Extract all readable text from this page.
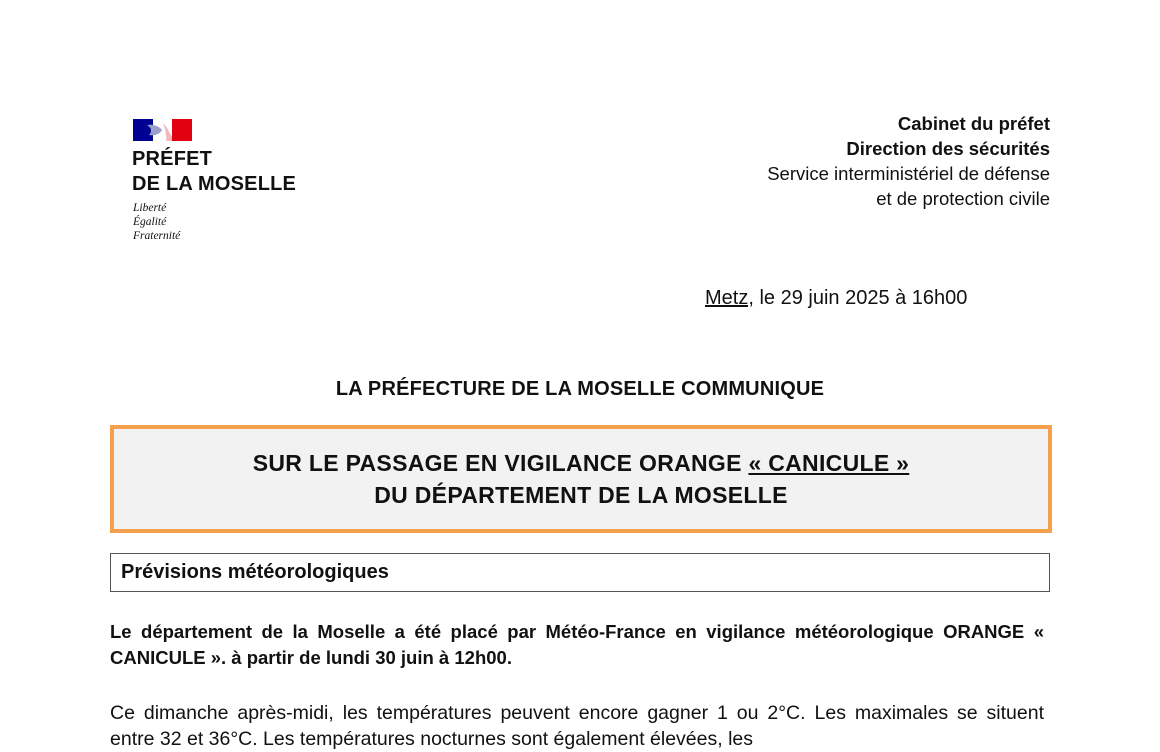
PRÉFET
DE LA MOSELLE
Liberté
Égalité
Fraternité
Cabinet du préfet
Direction des sécurités
Service interministériel de défense
et de protection civile
Metz, le 29 juin 2025 à 16h00
LA PRÉFECTURE DE LA MOSELLE COMMUNIQUE
SUR LE PASSAGE EN VIGILANCE ORANGE « CANICULE »
DU DÉPARTEMENT DE LA MOSELLE
Prévisions météorologiques
Le département de la Moselle a été placé par Météo-France en vigilance météorologique ORANGE « CANICULE ». à partir de lundi 30 juin à 12h00.
Ce dimanche après-midi, les températures peuvent encore gagner 1 ou 2°C. Les maximales se situent entre 32 et 36°C. Les températures nocturnes sont également élevées, les
